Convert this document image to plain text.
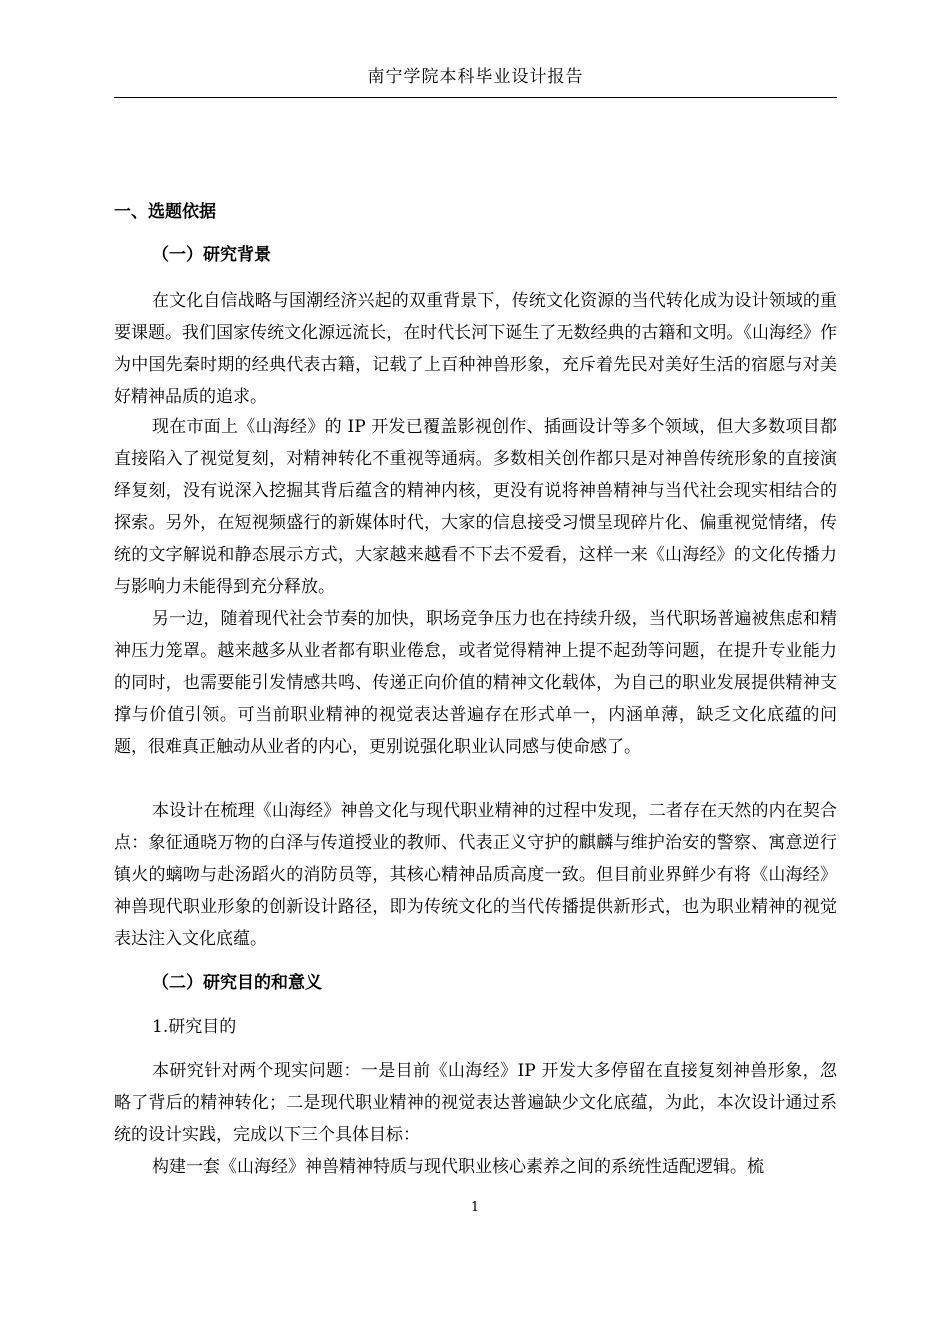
南宁学院本科毕业设计报告
一、选题依据
（一）研究背景

在文化自信战略与国潮经济兴起的双重背景下，传统文化资源的当代转化成为设计领域的重要课题。我们国家传统文化源远流长，在时代长河下诞生了无数经典的古籍和文明。《山海经》作为中国先秦时期的经典代表古籍，记载了上百种神兽形象，充斥着先民对美好生活的宿愿与对美好精神品质的追求。

现在市面上《山海经》的 IP 开发已覆盖影视创作、插画设计等多个领域，但大多数项目都直接陷入了视觉复刻，对精神转化不重视等通病。多数相关创作都只是对神兽传统形象的直接演绎复刻，没有说深入挖掘其背后蕴含的精神内核，更没有说将神兽精神与当代社会现实相结合的探索。另外，在短视频盛行的新媒体时代，大家的信息接受习惯呈现碎片化、偏重视觉情绪，传统的文字解说和静态展示方式，大家越来越看不下去不爱看，这样一来《山海经》的文化传播力与影响力未能得到充分释放。

另一边，随着现代社会节奏的加快，职场竞争压力也在持续升级，当代职场普遍被焦虑和精神压力笼罩。越来越多从业者都有职业倦怠，或者觉得精神上提不起劲等问题，在提升专业能力的同时，也需要能引发情感共鸣、传递正向价值的精神文化载体，为自己的职业发展提供精神支撑与价值引领。可当前职业精神的视觉表达普遍存在形式单一，内涵单薄，缺乏文化底蕴的问题，很难真正触动从业者的内心，更别说强化职业认同感与使命感了。

本设计在梳理《山海经》神兽文化与现代职业精神的过程中发现，二者存在天然的内在契合点：象征通晓万物的白泽与传道授业的教师、代表正义守护的麒麟与维护治安的警察、寓意逆行镇火的螭吻与赴汤蹈火的消防员等，其核心精神品质高度一致。但目前业界鲜少有将《山海经》神兽现代职业形象的创新设计路径，即为传统文化的当代传播提供新形式，也为职业精神的视觉表达注入文化底蕴。

（二）研究目的和意义
1.研究目的

本研究针对两个现实问题：一是目前《山海经》IP 开发大多停留在直接复刻神兽形象，忽略了背后的精神转化；二是现代职业精神的视觉表达普遍缺少文化底蕴，为此，本次设计通过系统的设计实践，完成以下三个具体目标：

构建一套《山海经》神兽精神特质与现代职业核心素养之间的系统性适配逻辑。梳

1
